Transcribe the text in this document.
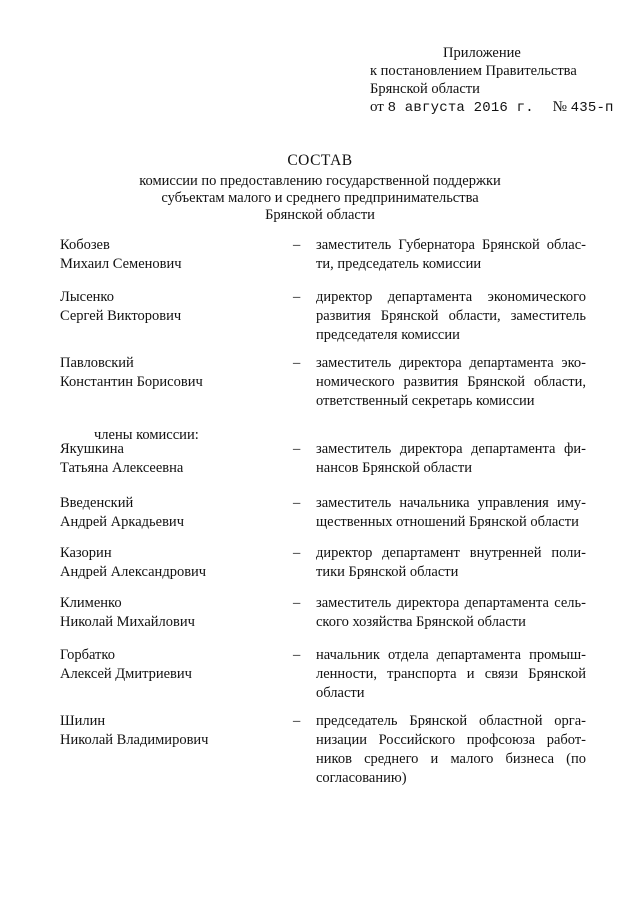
Приложение
к постановлением Правительства
Брянской области
от 8 августа 2016 г. № 435-п
СОСТАВ
комиссии по предоставлению государственной поддержки
субъектам малого и среднего предпринимательства
Брянской области
члены комиссии:
Кобозев
Михаил Семенович
–	заместитель Губернатора Брянской облас-
ти, председатель комиссии
Лысенко
Сергей Викторович
–	директор департамента экономического
развития Брянской области, заместитель
председателя комиссии
Павловский
Константин Борисович
–	заместитель директора департамента эко-
номического развития Брянской области,
ответственный секретарь комиссии
Якушкина
Татьяна Алексеевна
–	заместитель директора департамента фи-
нансов Брянской области
Введенский
Андрей Аркадьевич
–	заместитель начальника управления иму-
щественных отношений Брянской области
Казорин
Андрей Александрович
–	директор департамент внутренней поли-
тики Брянской области
Клименко
Николай Михайлович
–	заместитель директора департамента сель-
ского хозяйства Брянской области
Горбатко
Алексей Дмитриевич
–	начальник отдела департамента промыш-
ленности, транспорта и связи Брянской
области
Шилин
Николай Владимирович
–	председатель Брянской областной орга-
низации Российского профсоюза работ-
ников среднего и малого бизнеса (по
согласованию)
